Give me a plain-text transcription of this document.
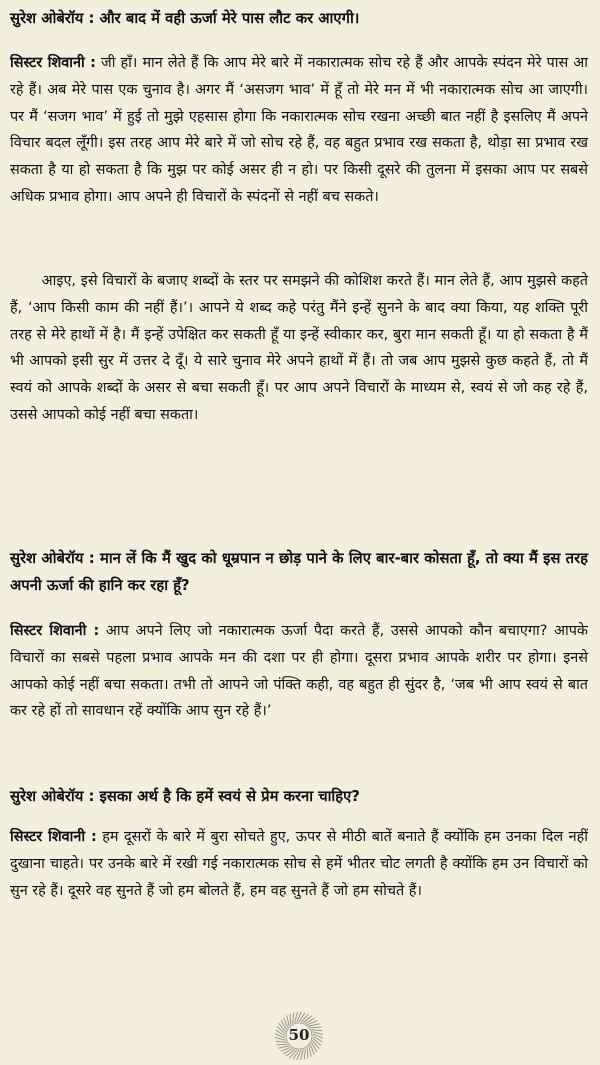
सुरेश ओबेरॉय : और बाद में वही ऊर्जा मेरे पास लौट कर आएगी।

सिस्टर शिवानी : जी हाँ। मान लेते हैं कि आप मेरे बारे में नकारात्मक सोच रहे हैं और आपके स्पंदन मेरे पास आ रहे हैं। अब मेरे पास एक चुनाव है। अगर मैं ‘असजग भाव’ में हूँ तो मेरे मन में भी नकारात्मक सोच आ जाएगी। पर मैं ‘सजग भाव’ में हुई तो मुझे एहसास होगा कि नकारात्मक सोच रखना अच्छी बात नहीं है इसलिए मैं अपने विचार बदल लूँगी। इस तरह आप मेरे बारे में जो सोच रहे हैं, वह बहुत प्रभाव रख सकता है, थोड़ा सा प्रभाव रख सकता है या हो सकता है कि मुझ पर कोई असर ही न हो। पर किसी दूसरे की तुलना में इसका आप पर सबसे अधिक प्रभाव होगा। आप अपने ही विचारों के स्पंदनों से नहीं बच सकते।

आइए, इसे विचारों के बजाए शब्दों के स्तर पर समझने की कोशिश करते हैं। मान लेते हैं, आप मुझसे कहते हैं, ‘आप किसी काम की नहीं हैं।’। आपने ये शब्द कहे परंतु मैंने इन्हें सुनने के बाद क्या किया, यह शक्ति पूरी तरह से मेरे हाथों में है। मैं इन्हें उपेक्षित कर सकती हूँ या इन्हें स्वीकार कर, बुरा मान सकती हूँ। या हो सकता है मैं भी आपको इसी सुर में उत्तर दे दूँ। ये सारे चुनाव मेरे अपने हाथों में हैं। तो जब आप मुझसे कुछ कहते हैं, तो मैं स्वयं को आपके शब्दों के असर से बचा सकती हूँ। पर आप अपने विचारों के माध्यम से, स्वयं से जो कह रहे हैं, उससे आपको कोई नहीं बचा सकता।

सुरेश ओबेरॉय : मान लें कि मैं खुद को धूम्रपान न छोड़ पाने के लिए बार-बार कोसता हूँ, तो क्या मैं इस तरह अपनी ऊर्जा की हानि कर रहा हूँ?

सिस्टर शिवानी : आप अपने लिए जो नकारात्मक ऊर्जा पैदा करते हैं, उससे आपको कौन बचाएगा? आपके विचारों का सबसे पहला प्रभाव आपके मन की दशा पर ही होगा। दूसरा प्रभाव आपके शरीर पर होगा। इनसे आपको कोई नहीं बचा सकता। तभी तो आपने जो पंक्ति कही, वह बहुत ही सुंदर है, ‘जब भी आप स्वयं से बात कर रहे हों तो सावधान रहें क्योंकि आप सुन रहे हैं।’

सुरेश ओबेरॉय : इसका अर्थ है कि हमें स्वयं से प्रेम करना चाहिए?

सिस्टर शिवानी : हम दूसरों के बारे में बुरा सोचते हुए, ऊपर से मीठी बातें बनाते हैं क्योंकि हम उनका दिल नहीं दुखाना चाहते। पर उनके बारे में रखी गई नकारात्मक सोच से हमें भीतर चोट लगती है क्योंकि हम उन विचारों को सुन रहे हैं। दूसरे वह सुनते हैं जो हम बोलते हैं, हम वह सुनते हैं जो हम सोचते हैं।

50
